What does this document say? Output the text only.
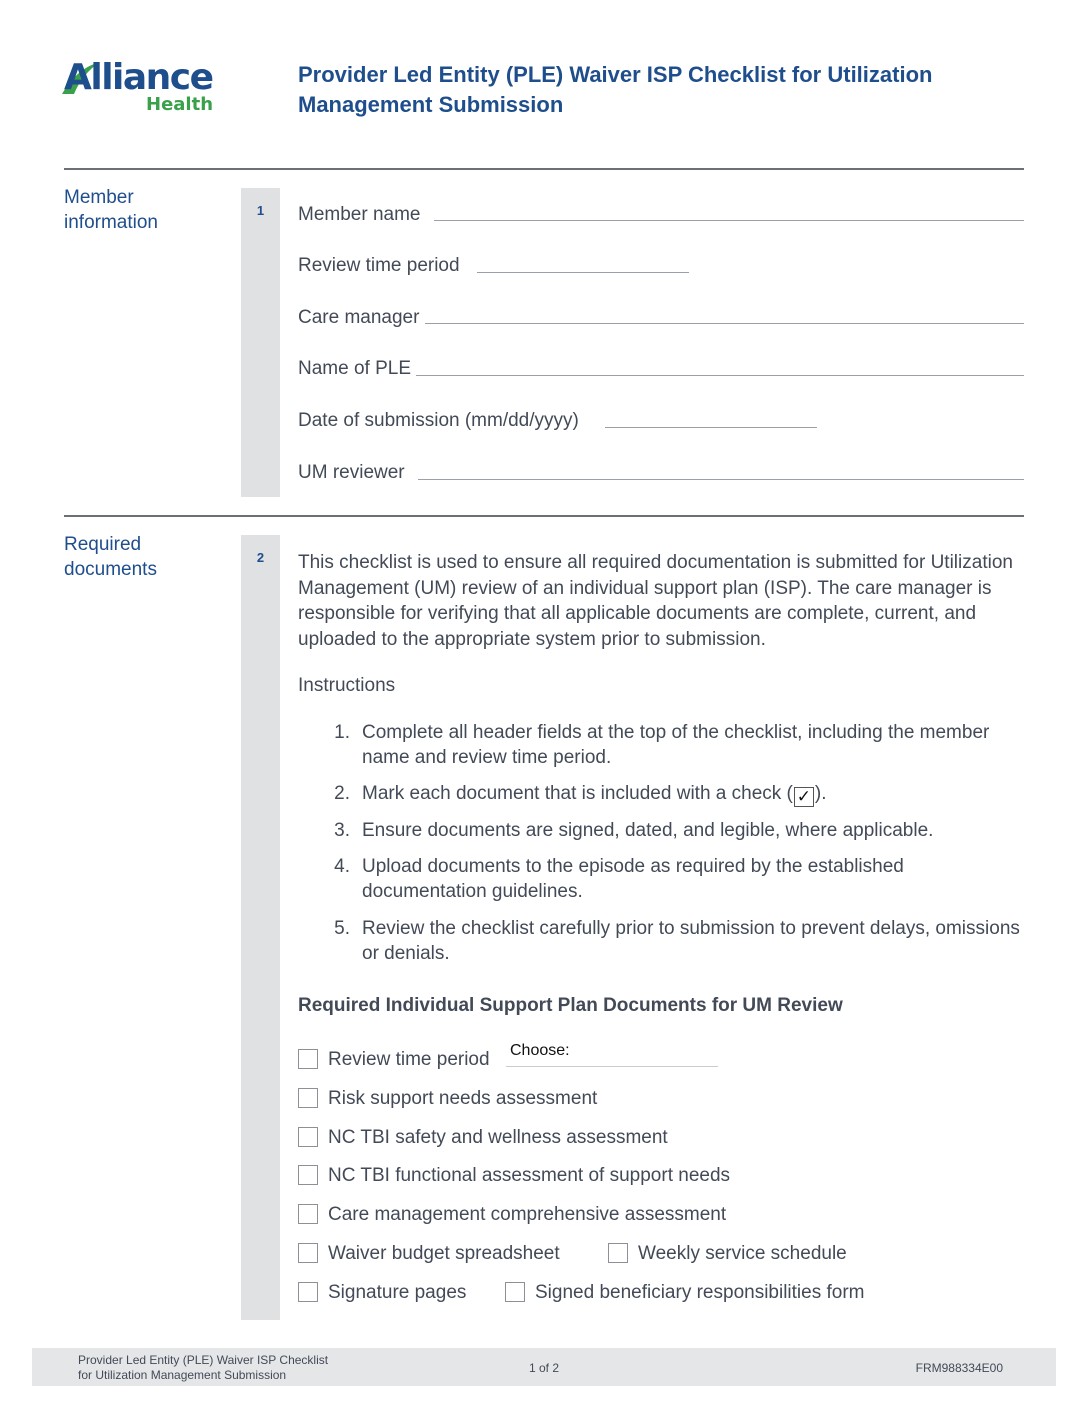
Alliance
Health
Provider Led Entity (PLE) Waiver ISP Checklist for Utilization Management Submission
Member information
1	Member name
Review time period
Care manager
Name of PLE
Date of submission (mm/dd/yyyy)
UM reviewer
Required documents
2	This checklist is used to ensure all required documentation is submitted for Utilization Management (UM) review of an individual support plan (ISP). The care manager is responsible for verifying that all applicable documents are complete, current, and uploaded to the appropriate system prior to submission.
Instructions
1. Complete all header fields at the top of the checklist, including the member name and review time period.
2. Mark each document that is included with a check ( ✓ ).
3. Ensure documents are signed, dated, and legible, where applicable.
4. Upload documents to the episode as required by the established documentation guidelines.
5. Review the checklist carefully prior to submission to prevent delays, omissions or denials.
Required Individual Support Plan Documents for UM Review
Review time period Choose:
Risk support needs assessment
NC TBI safety and wellness assessment
NC TBI functional assessment of support needs
Care management comprehensive assessment
Waiver budget spreadsheet	Weekly service schedule
Signature pages	Signed beneficiary responsibilities form
Provider Led Entity (PLE) Waiver ISP Checklist
for Utilization Management Submission	1 of 2	FRM988334E00
